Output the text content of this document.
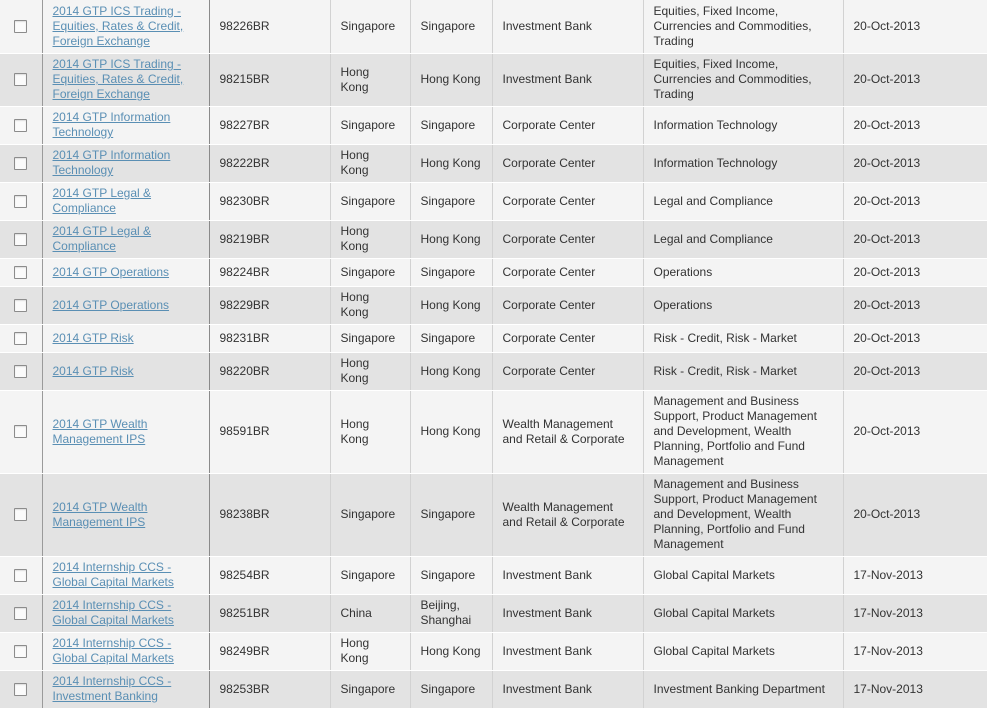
	2014 GTP ICS Trading - Equities, Rates & Credit, Foreign Exchange	98226BR	Singapore	Singapore	Investment Bank	Equities, Fixed Income, Currencies and Commodities, Trading	20-Oct-2013
	2014 GTP ICS Trading - Equities, Rates & Credit, Foreign Exchange	98215BR	Hong Kong	Hong Kong	Investment Bank	Equities, Fixed Income, Currencies and Commodities, Trading	20-Oct-2013
	2014 GTP Information Technology	98227BR	Singapore	Singapore	Corporate Center	Information Technology	20-Oct-2013
	2014 GTP Information Technology	98222BR	Hong Kong	Hong Kong	Corporate Center	Information Technology	20-Oct-2013
	2014 GTP Legal & Compliance	98230BR	Singapore	Singapore	Corporate Center	Legal and Compliance	20-Oct-2013
	2014 GTP Legal & Compliance	98219BR	Hong Kong	Hong Kong	Corporate Center	Legal and Compliance	20-Oct-2013
	2014 GTP Operations	98224BR	Singapore	Singapore	Corporate Center	Operations	20-Oct-2013
	2014 GTP Operations	98229BR	Hong Kong	Hong Kong	Corporate Center	Operations	20-Oct-2013
	2014 GTP Risk	98231BR	Singapore	Singapore	Corporate Center	Risk - Credit, Risk - Market	20-Oct-2013
	2014 GTP Risk	98220BR	Hong Kong	Hong Kong	Corporate Center	Risk - Credit, Risk - Market	20-Oct-2013
	2014 GTP Wealth Management IPS	98591BR	Hong Kong	Hong Kong	Wealth Management and Retail & Corporate	Management and Business Support, Product Management and Development, Wealth Planning, Portfolio and Fund Management	20-Oct-2013
	2014 GTP Wealth Management IPS	98238BR	Singapore	Singapore	Wealth Management and Retail & Corporate	Management and Business Support, Product Management and Development, Wealth Planning, Portfolio and Fund Management	20-Oct-2013
	2014 Internship CCS - Global Capital Markets	98254BR	Singapore	Singapore	Investment Bank	Global Capital Markets	17-Nov-2013
	2014 Internship CCS - Global Capital Markets	98251BR	China	Beijing, Shanghai	Investment Bank	Global Capital Markets	17-Nov-2013
	2014 Internship CCS - Global Capital Markets	98249BR	Hong Kong	Hong Kong	Investment Bank	Global Capital Markets	17-Nov-2013
	2014 Internship CCS - Investment Banking	98253BR	Singapore	Singapore	Investment Bank	Investment Banking Department	17-Nov-2013
